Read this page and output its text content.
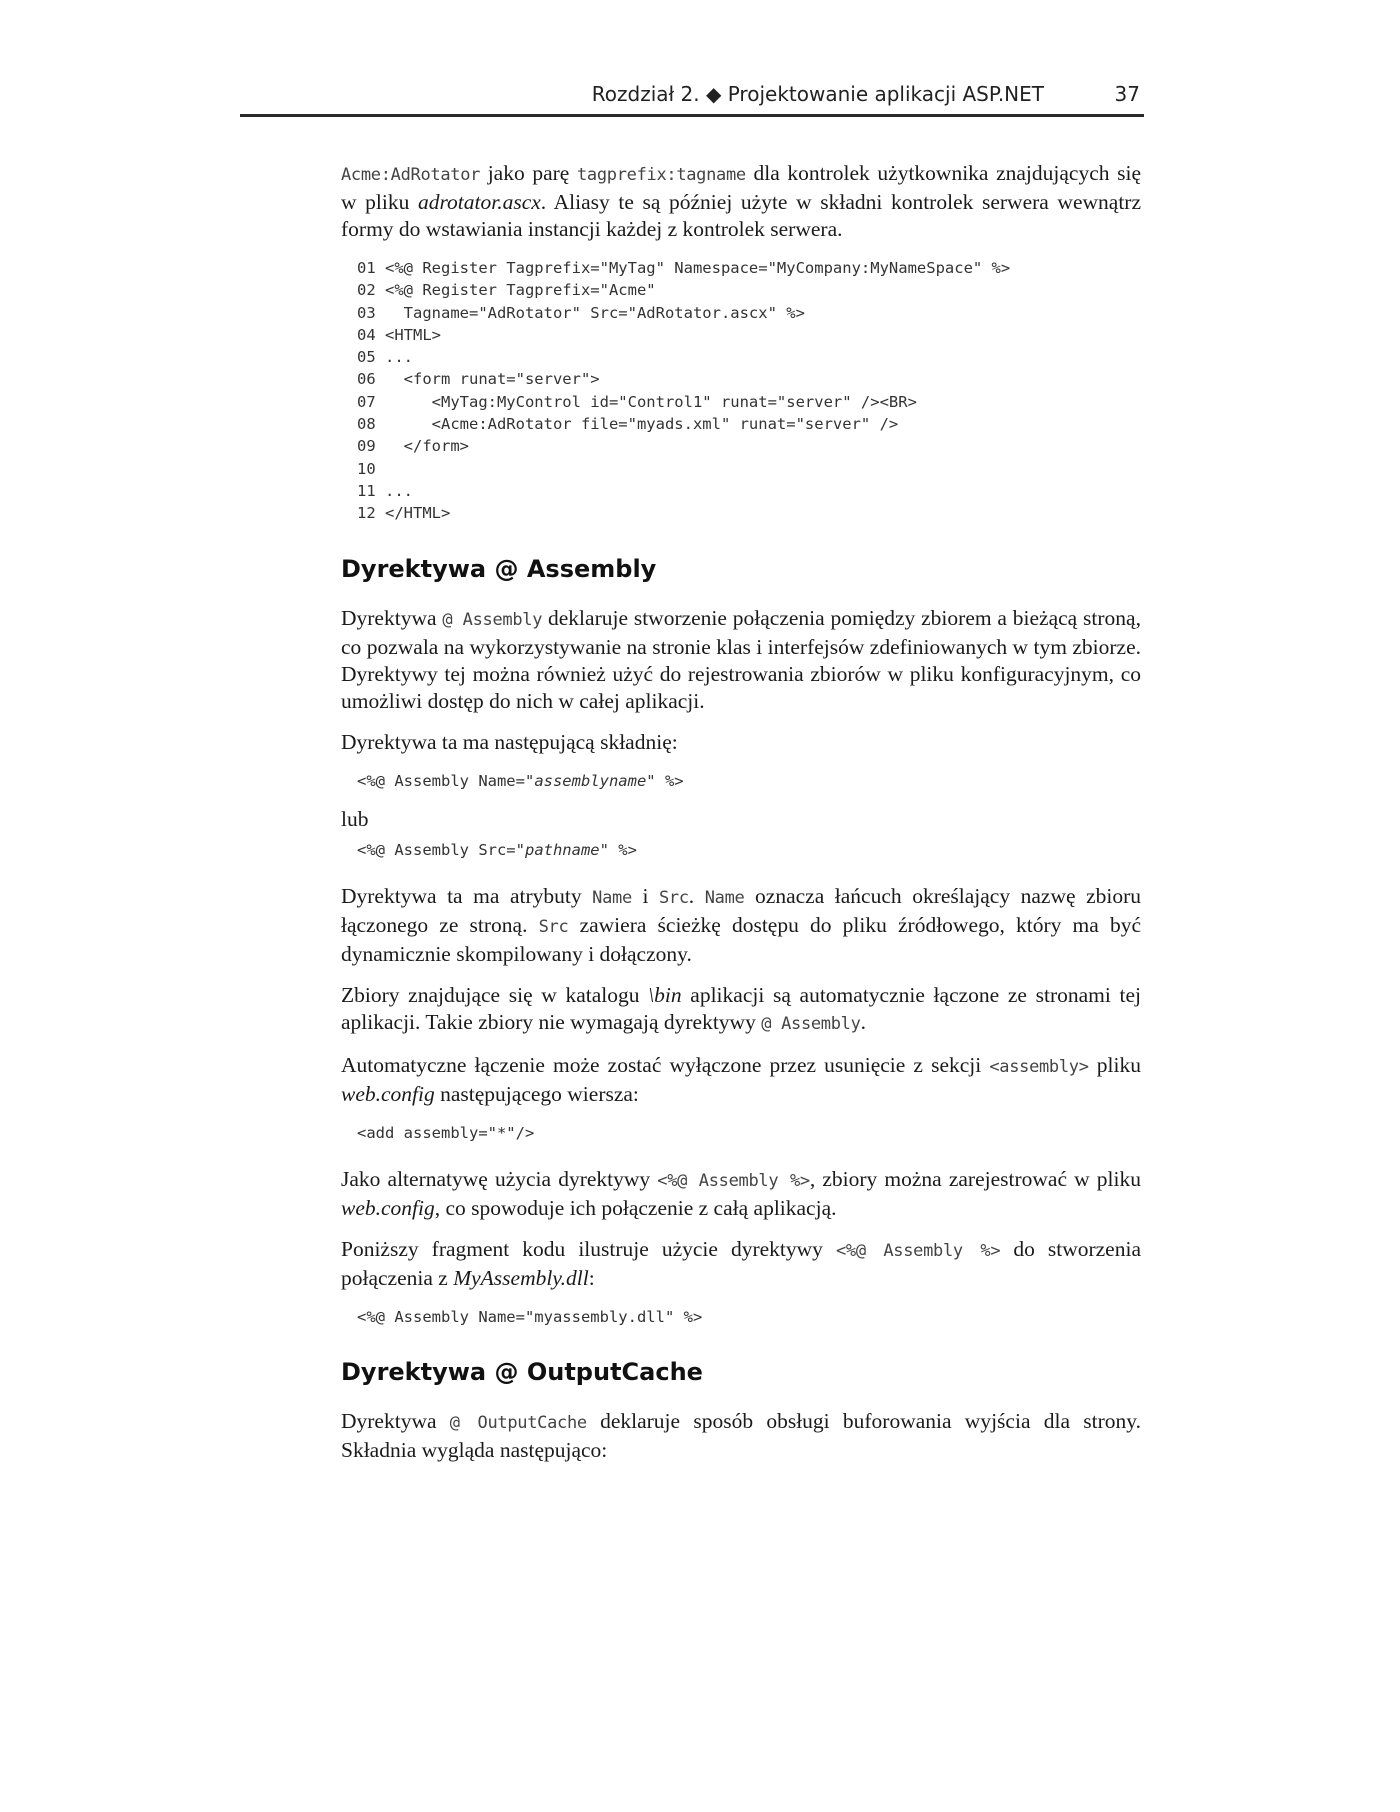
Rozdział 2. ◆ Projektowanie aplikacji ASP.NET	37

Acme:AdRotator jako parę tagprefix:tagname dla kontrolek użytkownika znajdujących się w pliku adrotator.ascx. Aliasy te są później użyte w składni kontrolek serwera wewnątrz formy do wstawiania instancji każdej z kontrolek serwera.

01 <%@ Register Tagprefix="MyTag" Namespace="MyCompany:MyNameSpace" %>
02 <%@ Register Tagprefix="Acme"
03   Tagname="AdRotator" Src="AdRotator.ascx" %>
04 <HTML>
05 ...
06   <form runat="server">
07      <MyTag:MyControl id="Control1" runat="server" /><BR>
08      <Acme:AdRotator file="myads.xml" runat="server" />
09   </form>
10
11 ...
12 </HTML>
Dyrektywa @ Assembly

Dyrektywa @ Assembly deklaruje stworzenie połączenia pomiędzy zbiorem a bieżącą stroną, co pozwala na wykorzystywanie na stronie klas i interfejsów zdefiniowanych w tym zbiorze. Dyrektywy tej można również użyć do rejestrowania zbiorów w pliku konfiguracyjnym, co umożliwi dostęp do nich w całej aplikacji.

Dyrektywa ta ma następującą składnię:

<%@ Assembly Name="assemblyname" %>
lub
<%@ Assembly Src="pathname" %>

Dyrektywa ta ma atrybuty Name i Src. Name oznacza łańcuch określający nazwę zbioru łączonego ze stroną. Src zawiera ścieżkę dostępu do pliku źródłowego, który ma być dynamicznie skompilowany i dołączony.

Zbiory znajdujące się w katalogu \bin aplikacji są automatycznie łączone ze stronami tej aplikacji. Takie zbiory nie wymagają dyrektywy @ Assembly.

Automatyczne łączenie może zostać wyłączone przez usunięcie z sekcji <assembly> pliku web.config następującego wiersza:

<add assembly="*"/>

Jako alternatywę użycia dyrektywy <%@ Assembly %>, zbiory można zarejestrować w pliku web.config, co spowoduje ich połączenie z całą aplikacją.

Poniższy fragment kodu ilustruje użycie dyrektywy <%@ Assembly %> do stworzenia połączenia z MyAssembly.dll:

<%@ Assembly Name="myassembly.dll" %>
Dyrektywa @ OutputCache

Dyrektywa @ OutputCache deklaruje sposób obsługi buforowania wyjścia dla strony. Składnia wygląda następująco:
